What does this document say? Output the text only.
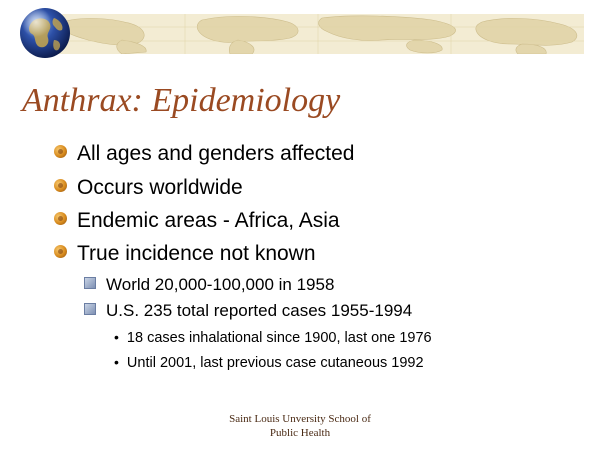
Anthrax: Epidemiology
All ages and genders affected
Occurs worldwide
Endemic areas - Africa, Asia
True incidence not known
World 20,000-100,000 in 1958
U.S. 235 total reported cases 1955-1994
• 18 cases inhalational since 1900, last one 1976
• Until 2001, last previous case cutaneous 1992
Saint Louis Unversity School of
Public Health
